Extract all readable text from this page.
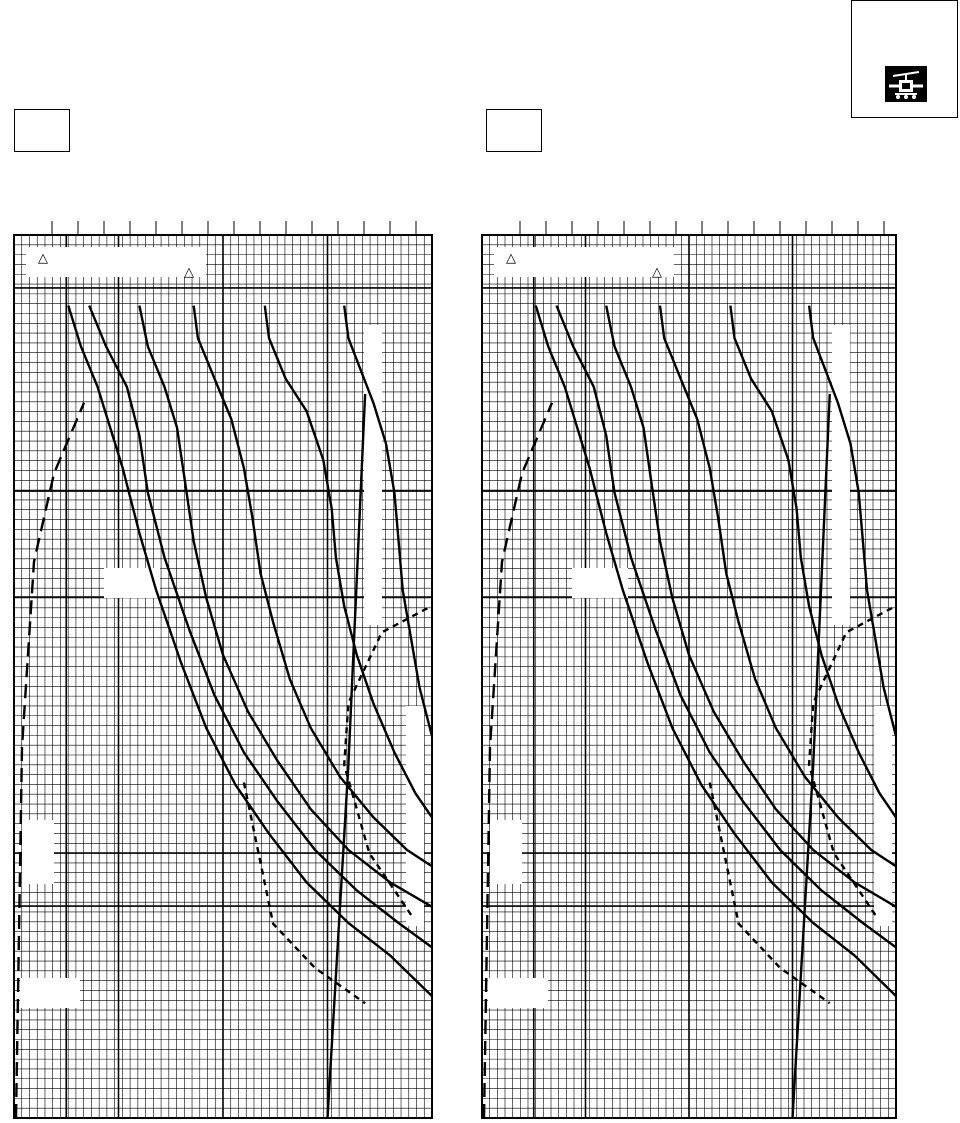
△
△
△
△
